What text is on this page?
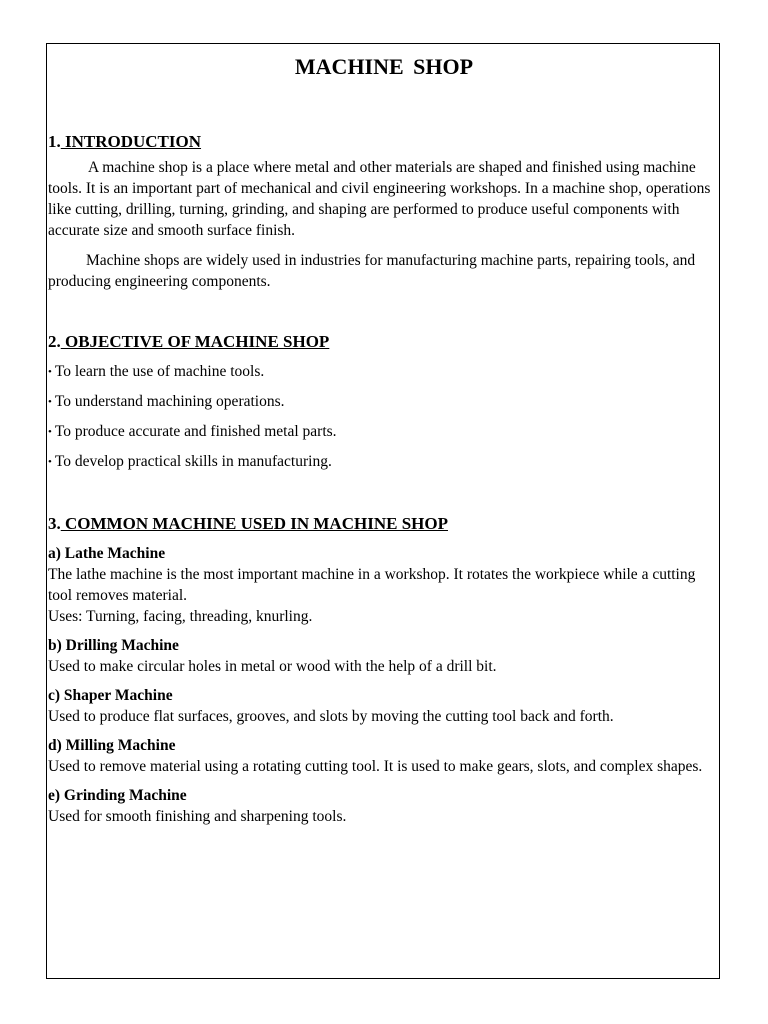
MACHINE SHOP
1. INTRODUCTION

A machine shop is a place where metal and other materials are shaped and finished using machine tools. It is an important part of mechanical and civil engineering workshops. In a machine shop, operations like cutting, drilling, turning, grinding, and shaping are performed to produce useful components with accurate size and smooth surface finish.

Machine shops are widely used in industries for manufacturing machine parts, repairing tools, and producing engineering components.

2. OBJECTIVE OF MACHINE SHOP

• To learn the use of machine tools.

• To understand machining operations.

• To produce accurate and finished metal parts.

• To develop practical skills in manufacturing.

3. COMMON MACHINE USED IN MACHINE SHOP

a) Lathe Machine

The lathe machine is the most important machine in a workshop. It rotates the workpiece while a cutting tool removes material.

Uses: Turning, facing, threading, knurling.

b) Drilling Machine

Used to make circular holes in metal or wood with the help of a drill bit.

c) Shaper Machine

Used to produce flat surfaces, grooves, and slots by moving the cutting tool back and forth.

d) Milling Machine

Used to remove material using a rotating cutting tool. It is used to make gears, slots, and complex shapes.

e) Grinding Machine

Used for smooth finishing and sharpening tools.
